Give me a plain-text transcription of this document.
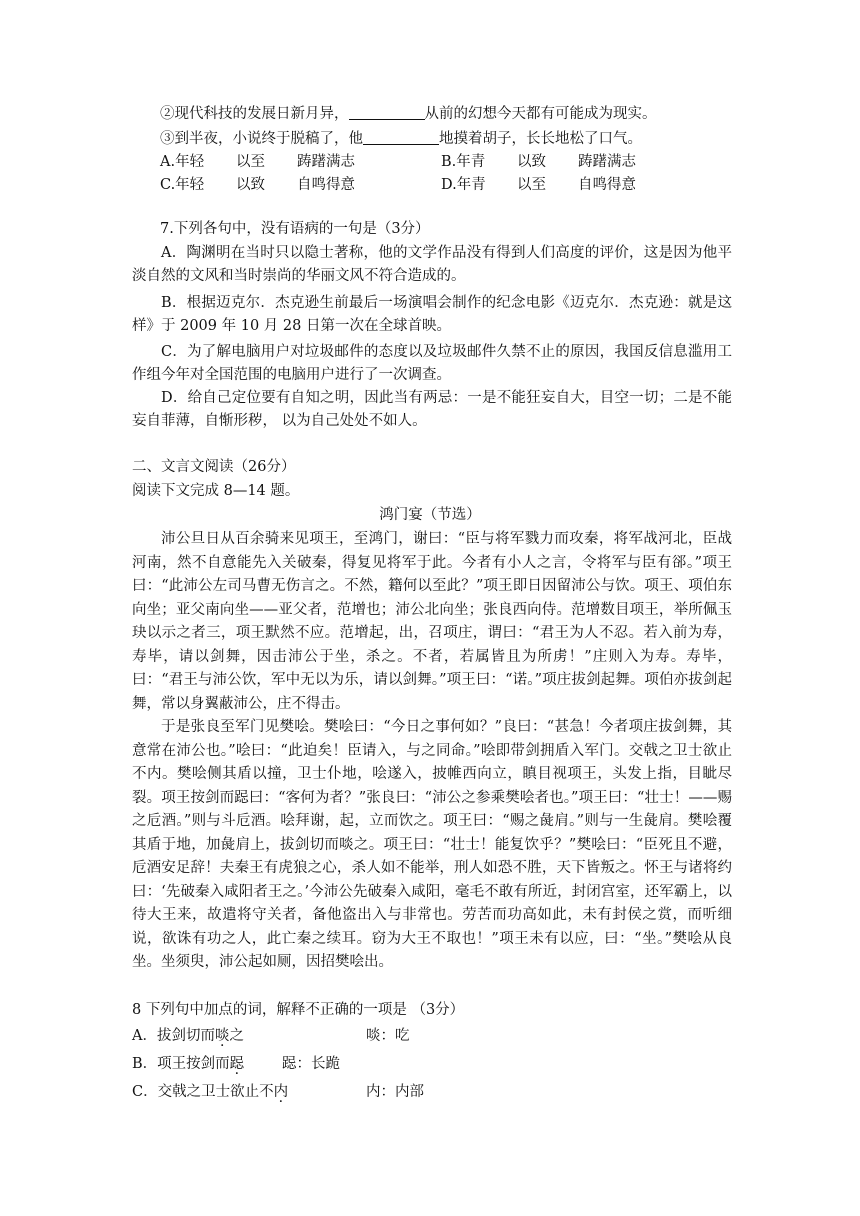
②现代科技的发展日新月异，	从前的幻想今天都有可能成为现实。
③到半夜，小说终于脱稿了，他	地摸着胡子，长长地松了口气。
A.年轻 以至 踌躇满志	B.年青 以致 踌躇满志
C.年轻 以致 自鸣得意	D.年青 以至 自鸣得意
7.下列各句中，没有语病的一句是（3分）
A．陶渊明在当时只以隐士著称，他的文学作品没有得到人们高度的评价，这是因为他平淡自然的文风和当时崇尚的华丽文风不符合造成的。
B．根据迈克尔．杰克逊生前最后一场演唱会制作的纪念电影《迈克尔．杰克逊：就是这样》于 2009 年 10 月 28 日第一次在全球首映。
C．为了解电脑用户对垃圾邮件的态度以及垃圾邮件久禁不止的原因，我国反信息滥用工作组今年对全国范围的电脑用户进行了一次调查。
D．给自己定位要有自知之明，因此当有两忌：一是不能狂妄自大，目空一切；二是不能妄自菲薄，自惭形秽， 以为自己处处不如人。
二、文言文阅读（26分）
阅读下文完成 8—14 题。
鸿门宴（节选）
沛公旦日从百余骑来见项王，至鸿门，谢曰：“臣与将军戮力而攻秦，将军战河北，臣战河南，然不自意能先入关破秦，得复见将军于此。今者有小人之言，令将军与臣有郤。”项王曰：“此沛公左司马曹无伤言之。不然，籍何以至此？”项王即日因留沛公与饮。项王、项伯东向坐；亚父南向坐——亚父者，范增也；沛公北向坐；张良西向侍。范增数目项王，举所佩玉玦以示之者三，项王默然不应。范增起，出，召项庄，谓曰：“君王为人不忍。若入前为寿，寿毕，请以剑舞，因击沛公于坐，杀之。不者，若属皆且为所虏！”庄则入为寿。寿毕，曰：“君王与沛公饮，军中无以为乐，请以剑舞。”项王曰：“诺。”项庄拔剑起舞。项伯亦拔剑起舞，常以身翼蔽沛公，庄不得击。
于是张良至军门见樊哙。樊哙曰：“今日之事何如？”良曰：“甚急！今者项庄拔剑舞，其意常在沛公也。”哙曰：“此迫矣！臣请入，与之同命。”哙即带剑拥盾入军门。交戟之卫士欲止不内。樊哙侧其盾以撞，卫士仆地，哙遂入，披帷西向立，瞋目视项王，头发上指，目眦尽裂。项王按剑而跽曰：“客何为者？”张良曰：“沛公之参乘樊哙者也。”项王曰：“壮士！——赐之卮酒。”则与斗卮酒。哙拜谢，起，立而饮之。项王曰：“赐之彘肩。”则与一生彘肩。樊哙覆其盾于地，加彘肩上，拔剑切而啖之。项王曰：“壮士！能复饮乎？”樊哙曰：“臣死且不避，卮酒安足辞！夫秦王有虎狼之心，杀人如不能举，刑人如恐不胜，天下皆叛之。怀王与诸将约曰：‘先破秦入咸阳者王之。’今沛公先破秦入咸阳，毫毛不敢有所近，封闭宫室，还军霸上，以待大王来，故遣将守关者，备他盗出入与非常也。劳苦而功高如此，未有封侯之赏，而听细说，欲诛有功之人，此亡秦之续耳。窃为大王不取也！”项王未有以应，曰：“坐。”樊哙从良坐。坐须臾，沛公起如厕，因招樊哙出。
8 下列句中加点的词，解释不正确的一项是 （3分）
A．拔剑切而啖之	啖：吃
B．项王按剑而跽	跽：长跪
C．交戟之卫士欲止不内	内：内部
